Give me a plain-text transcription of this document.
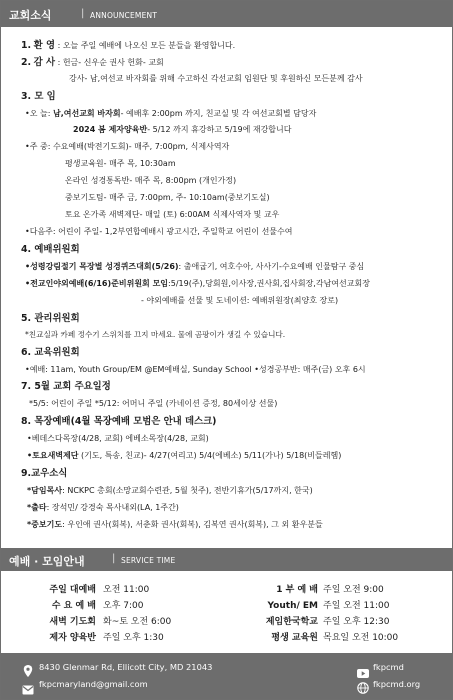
교회소식	| ANNOUNCEMENT
1. 환 영 : 오늘 주일 예배에 나오신 모든 분들을 환영합니다.
2. 감 사 : 헌금- 신우순 권사 헌화- 교회
강사- 남,여선교 바자회를 위해 수고하신 각선교회 임원단 및 후원하신 모든분께 감사
3. 모 임
•오 늘: 남,여선교회 바자회- 예배후 2:00pm 까지, 친교실 및 각 여선교회별 담당자
2024 봄 제자양육반- 5/12 까지 휴강하고 5/19에 재강합니다
•주 중: 수요예배(박전기도회)- 매주, 7:00pm, 식제사역자
평생교육원- 매주 목, 10:30am
온라인 성경통독반- 매주 목, 8:00pm (개인가정)
중보기도팀- 매주 금, 7:00pm, 주- 10:10am(중보기도실)
토요 온가족 새벽제단- 매일 (토) 6:00AM 식제사역자 및 교우
•다음주: 어린이 주일- 1,2부연합예배시 광고시간, 주일학교 어린이 선물수여
4. 예배위원회
•성령강림절기 목장별 성경퀴즈대회(5/26): 출애굽기, 여호수아, 사사기-수요예배 인물탐구 중심
•전교인야외예배(6/16)준비위원회 모임:5/19(주),당회원,이사장,권사회,집사회장,각남여선교회장
- 야외예배를 선물 및 도네이션: 예배위원장(최양호 장로)
5. 관리위원회
*친교실과 카페 정수기 스위치를 끄지 마세요. 물에 곰팡이가 생길 수 있습니다.
6. 교육위원회
•예배: 11am, Youth Group/EM @EM예배실, Sunday School •성경공부반: 매주(금) 오후 6시
7. 5월 교회 주요일정
*5/5: 어린이 주일 *5/12: 어머니 주일 (카네이션 증정, 80세이상 선물)
8. 목장예배(4월 목장예배 모범은 안내 데스크)
•베데스다목장(4/28, 교회) 에베소목장(4/28, 교회)
•토요새벽제단 (기도, 특송, 친교)- 4/27(여리고) 5/4(에베소) 5/11(가나) 5/18(비들레헴)
9.교우소식
*담임목사: NCKPC 총회(소망교회수련관, 5월 첫주), 전반기휴가(5/17까지, 한국)
*출타: 장석민/ 강경숙 목사내외(LA, 1주간)
*중보기도: 우인애 권사(회복), 서춘화 권사(회복), 김복연 권사(회복), 그 외 환우분들
예배 · 모임안내	| SERVICE TIME
주일 대예배 오전 11:00
수 요 예 배 오후 7:00
새벽 기도회 화~토 오전 6:00
제자 양육반 주일 오후 1:30
1 부 예 배 주일 오전 9:00
Youth/ EM 주일 오전 11:00
제임한국학교 주일 오후 12:30
평생 교육원 목요일 오전 10:00
8430 Glenmar Rd, Ellicott City, MD 21043
fkpcmaryland@gmail.com
fkpcmd
fkpcmd.org
